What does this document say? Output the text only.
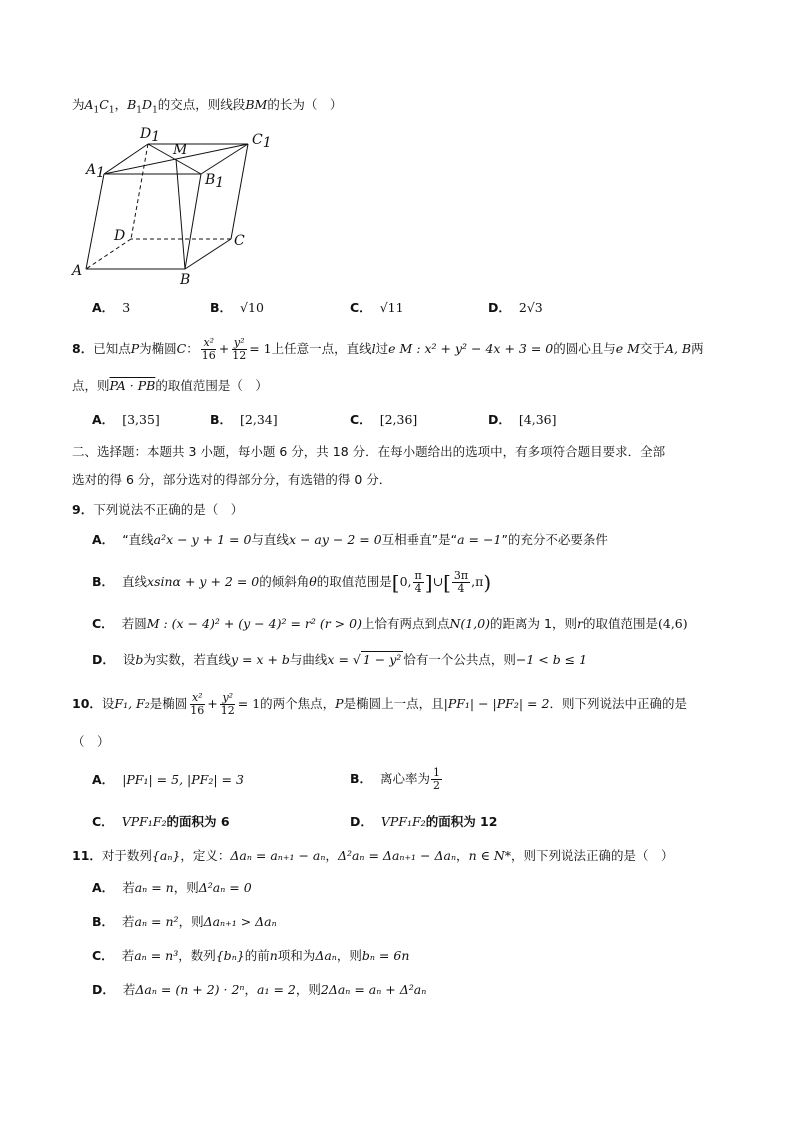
为$A_1C_1$，$B_1D_1$的交点，则线段BM的长为（　）
D1
M
C1
A1	B1
D	C
A
B
A． 3	B． √10	C． √11	D． 2√3
8．已知点P为椭圆C： $\frac{\text{x²}}{16} + \frac{\text{y²}}{12} = 1$上任意一点，直线l过e M : x² + y² − 4x + 3 = 0的圆心且与e M交于A, B两
点，则PA · PB的取值范围是（　）
A． [3,35]	B． [2,34]	C． [2,36]	D． [4,36]
二、选择题：本题共 3 小题，每小题 6 分，共 18 分．在每小题给出的选项中，有多项符合题目要求．全部
选对的得 6 分，部分选对的得部分分，有选错的得 0 分．
9．下列说法不正确的是（　）
A． “直线a²x − y + 1 = 0与直线x − ay − 2 = 0互相垂直”是“a = −1”的充分不必要条件
B． 直线xsinα + y + 2 = 0的倾斜角θ的取值范围是[0, $\frac{\pi}{4}$ ]∪[ $\frac{3\pi}{4} ,\pi$)
C． 若圆M : (x − 4)² + (y − 4)² = r² (r > 0)上恰有两点到点N(1,0)的距离为 1，则r的取值范围是(4,6)
D． 设b为实数，若直线y = x + b与曲线x = √ 1 − y² 恰有一个公共点，则−1 < b ≤ 1
10．设F₁, F₂是椭圆 $\frac{\text{x²}}{16} + \frac{\text{y²}}{12} = 1$的两个焦点，P是椭圆上一点，且|PF₁| − |PF₂| = 2．则下列说法中正确的是
（　）
A． |PF₁| = 5, |PF₂| = 3	B． 离心率为 $\frac{1}{2}$
C． VPF₁F₂的面积为 6	D． VPF₁F₂的面积为 12
11．对于数列{aₙ}，定义：Δaₙ = aₙ₊₁ − aₙ，Δ²aₙ = Δaₙ₊₁ − Δaₙ，n ∈ N*，则下列说法正确的是（　）
A． 若aₙ = n，则Δ²aₙ = 0
B． 若aₙ = n²，则Δaₙ₊₁ > Δaₙ
C． 若aₙ = n³，数列{bₙ}的前n项和为Δaₙ，则bₙ = 6n
D． 若Δaₙ = (n + 2) · 2ⁿ，a₁ = 2，则2Δaₙ = aₙ + Δ²aₙ
